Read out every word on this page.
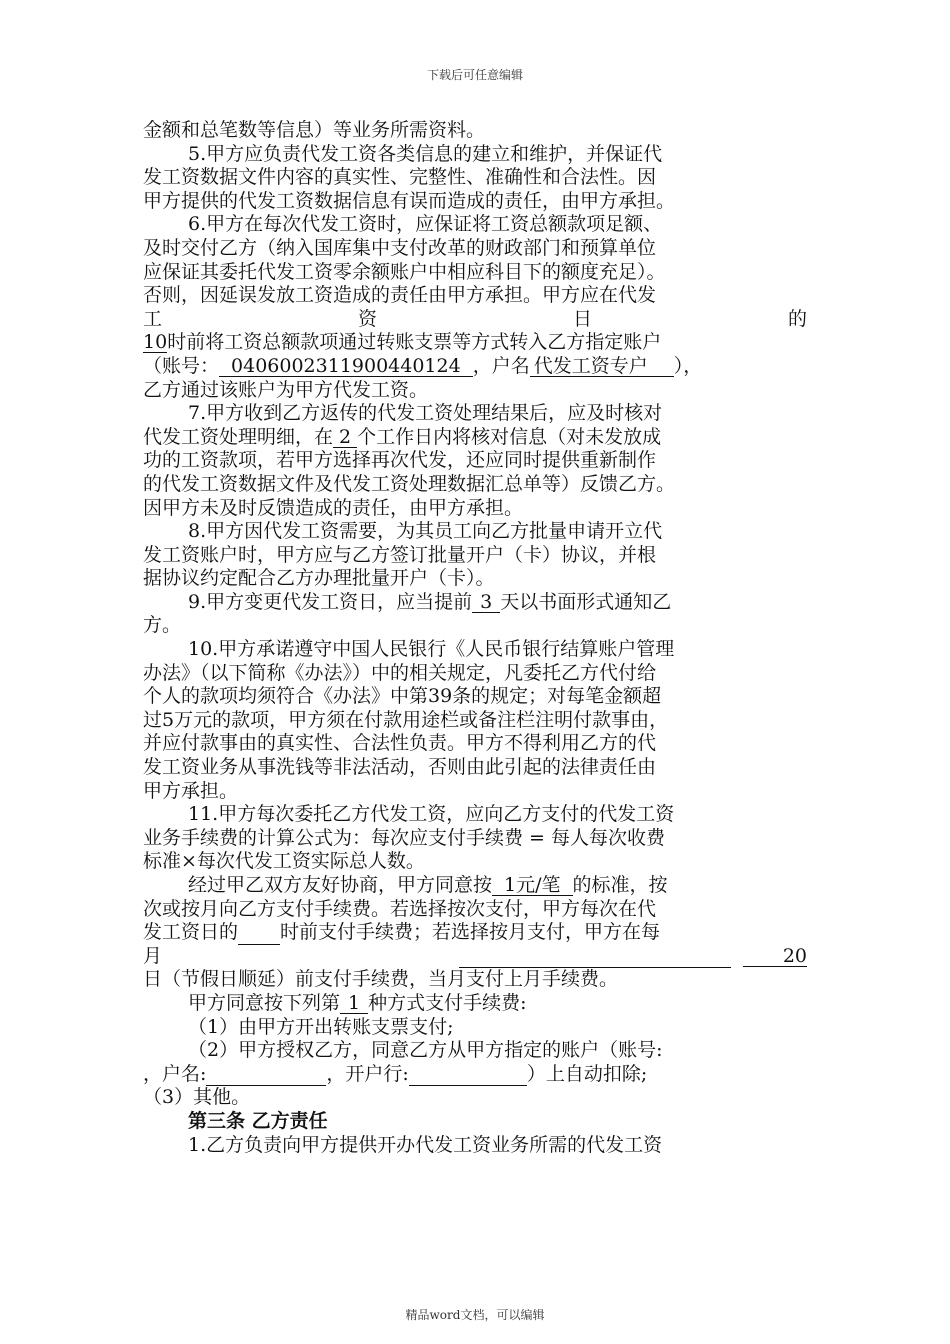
下载后可任意编辑
金额和总笔数等信息）等业务所需资料。
5.甲方应负责代发工资各类信息的建立和维护，并保证代
发工资数据文件内容的真实性、完整性、准确性和合法性。因
甲方提供的代发工资数据信息有误而造成的责任，由甲方承担。
6.甲方在每次代发工资时，应保证将工资总额款项足额、
及时交付乙方（纳入国库集中支付改革的财政部门和预算单位
应保证其委托代发工资零余额账户中相应科目下的额度充足）。
否则，因延误发放工资造成的责任由甲方承担。甲方应在代发
工	资	日	的
10时前将工资总额款项通过转账支票等方式转入乙方指定账户
（账号： 0406002311900440124 ，户名 代发工资专户 ），
乙方通过该账户为甲方代发工资。
7.甲方收到乙方返传的代发工资处理结果后，应及时核对
代发工资处理明细，在 2 个工作日内将核对信息（对未发放成
功的工资款项，若甲方选择再次代发，还应同时提供重新制作
的代发工资数据文件及代发工资处理数据汇总单等）反馈乙方。
因甲方未及时反馈造成的责任，由甲方承担。
8.甲方因代发工资需要，为其员工向乙方批量申请开立代
发工资账户时，甲方应与乙方签订批量开户（卡）协议，并根
据协议约定配合乙方办理批量开户（卡）。
9.甲方变更代发工资日，应当提前 3 天以书面形式通知乙
方。
10.甲方承诺遵守中国人民银行《人民币银行结算账户管理
办法》（以下简称《办法》）中的相关规定，凡委托乙方代付给
个人的款项均须符合《办法》中第39条的规定；对每笔金额超
过5万元的款项，甲方须在付款用途栏或备注栏注明付款事由，
并应付款事由的真实性、合法性负责。甲方不得利用乙方的代
发工资业务从事洗钱等非法活动，否则由此引起的法律责任由
甲方承担。
11.甲方每次委托乙方代发工资，应向乙方支付的代发工资
业务手续费的计算公式为：每次应支付手续费 = 每人每次收费
标准×每次代发工资实际总人数。
经过甲乙双方友好协商，甲方同意按 1元/笔 的标准，按
次或按月向乙方支付手续费。若选择按次支付，甲方每次在代
发工资日的 时前支付手续费；若选择按月支付，甲方在每
月	20
日（节假日顺延）前支付手续费，当月支付上月手续费。
甲方同意按下列第 1 种方式支付手续费:
（1）由甲方开出转账支票支付;
（2）甲方授权乙方，同意乙方从甲方指定的账户（账号:
，户名:	，开户行:	）上自动扣除;
（3）其他。
第三条 乙方责任
1.乙方负责向甲方提供开办代发工资业务所需的代发工资
精品word文档，可以编辑
